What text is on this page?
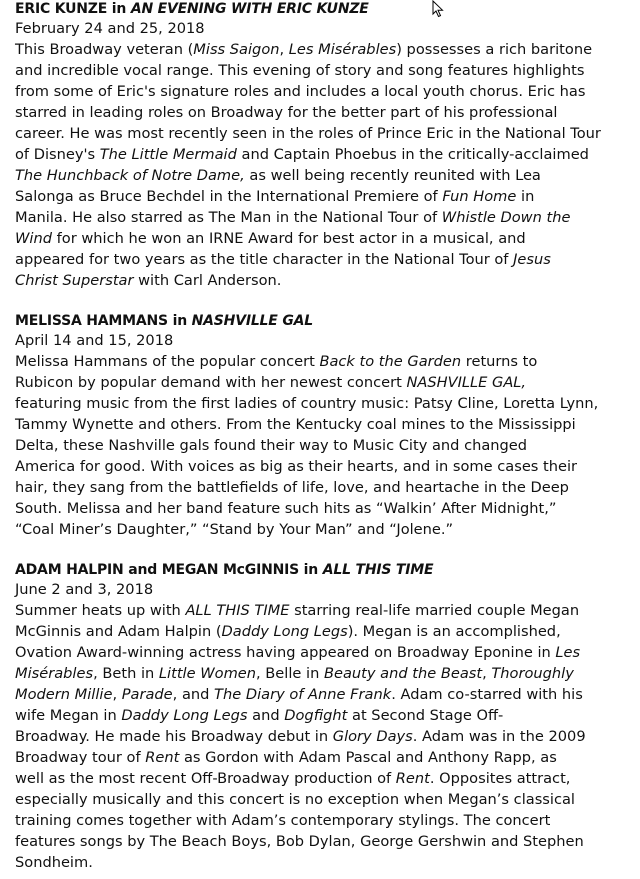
ERIC KUNZE in AN EVENING WITH ERIC KUNZE
February 24 and 25, 2018
This Broadway veteran (Miss Saigon, Les Misérables) possesses a rich baritone
and incredible vocal range. This evening of story and song features highlights
from some of Eric's signature roles and includes a local youth chorus. Eric has
starred in leading roles on Broadway for the better part of his professional
career. He was most recently seen in the roles of Prince Eric in the National Tour
of Disney's The Little Mermaid and Captain Phoebus in the critically-acclaimed
The Hunchback of Notre Dame, as well being recently reunited with Lea
Salonga as Bruce Bechdel in the International Premiere of Fun Home in
Manila. He also starred as The Man in the National Tour of Whistle Down the
Wind for which he won an IRNE Award for best actor in a musical, and
appeared for two years as the title character in the National Tour of Jesus
Christ Superstar with Carl Anderson.
MELISSA HAMMANS in NASHVILLE GAL
April 14 and 15, 2018
Melissa Hammans of the popular concert Back to the Garden returns to
Rubicon by popular demand with her newest concert NASHVILLE GAL,
featuring music from the first ladies of country music: Patsy Cline, Loretta Lynn,
Tammy Wynette and others. From the Kentucky coal mines to the Mississippi
Delta, these Nashville gals found their way to Music City and changed
America for good. With voices as big as their hearts, and in some cases their
hair, they sang from the battlefields of life, love, and heartache in the Deep
South. Melissa and her band feature such hits as “Walkin’ After Midnight,”
“Coal Miner’s Daughter,” “Stand by Your Man” and “Jolene.”
ADAM HALPIN and MEGAN McGINNIS in ALL THIS TIME
June 2 and 3, 2018
Summer heats up with ALL THIS TIME starring real-life married couple Megan
McGinnis and Adam Halpin (Daddy Long Legs). Megan is an accomplished,
Ovation Award-winning actress having appeared on Broadway Eponine in Les
Misérables, Beth in Little Women, Belle in Beauty and the Beast, Thoroughly
Modern Millie, Parade, and The Diary of Anne Frank. Adam co-starred with his
wife Megan in Daddy Long Legs and Dogfight at Second Stage Off-
Broadway. He made his Broadway debut in Glory Days. Adam was in the 2009
Broadway tour of Rent as Gordon with Adam Pascal and Anthony Rapp, as
well as the most recent Off-Broadway production of Rent. Opposites attract,
especially musically and this concert is no exception when Megan’s classical
training comes together with Adam’s contemporary stylings. The concert
features songs by The Beach Boys, Bob Dylan, George Gershwin and Stephen
Sondheim.
